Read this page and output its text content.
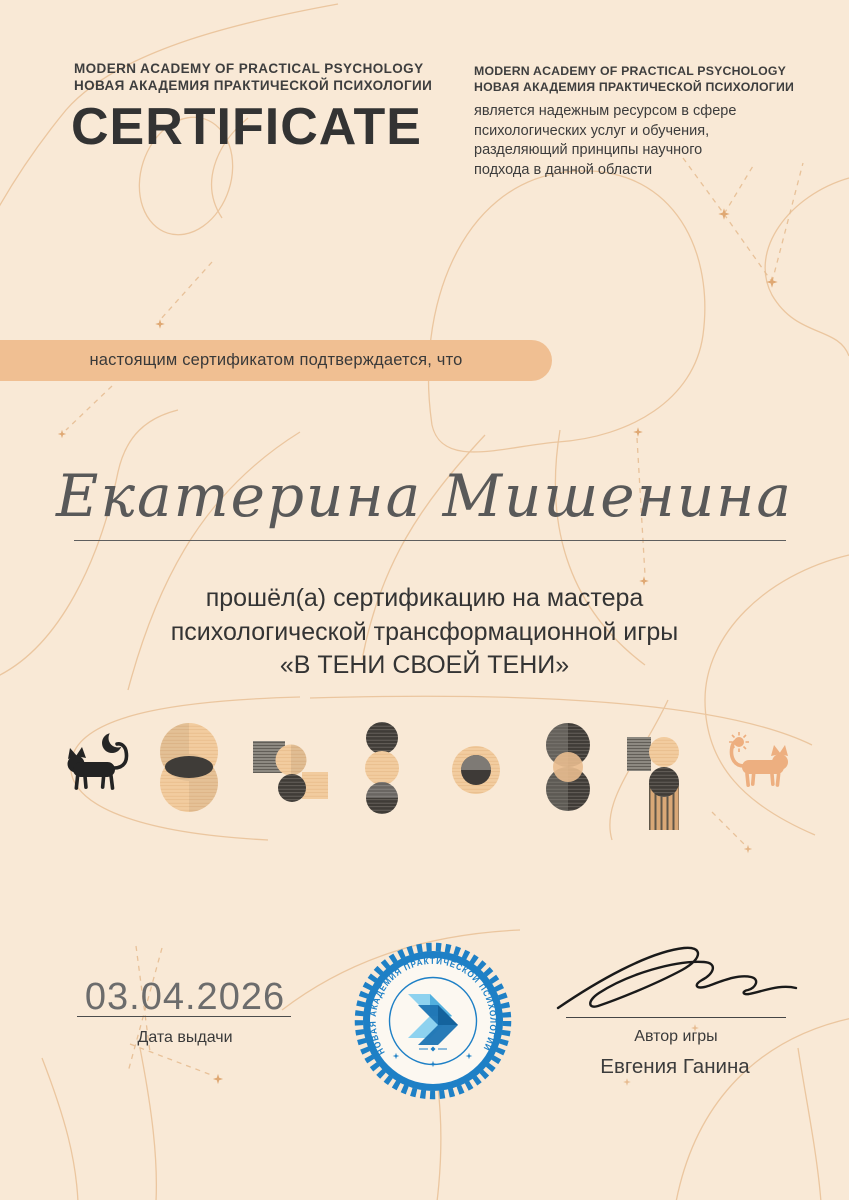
MODERN ACADEMY OF PRACTICAL PSYCHOLOGY
НОВАЯ АКАДЕМИЯ ПРАКТИЧЕСКОЙ ПСИХОЛОГИИ
CERTIFICATE
MODERN ACADEMY OF PRACTICAL PSYCHOLOGY
НОВАЯ АКАДЕМИЯ ПРАКТИЧЕСКОЙ ПСИХОЛОГИИ
является надежным ресурсом в сфере
психологических услуг и обучения,
разделяющий принципы научного
подхода в данной области
настоящим сертификатом подтверждается, что
Екатерина Мишенина
прошёл(а) сертификацию на мастера
психологической трансформационной игры
«В ТЕНИ СВОЕЙ ТЕНИ»
03.04.2026
Дата выдачи
НОВАЯ АКАДЕМИЯ ПРАКТИЧЕСКОЙ ПСИХОЛОГИИ
Автор игры
Евгения Ганина
